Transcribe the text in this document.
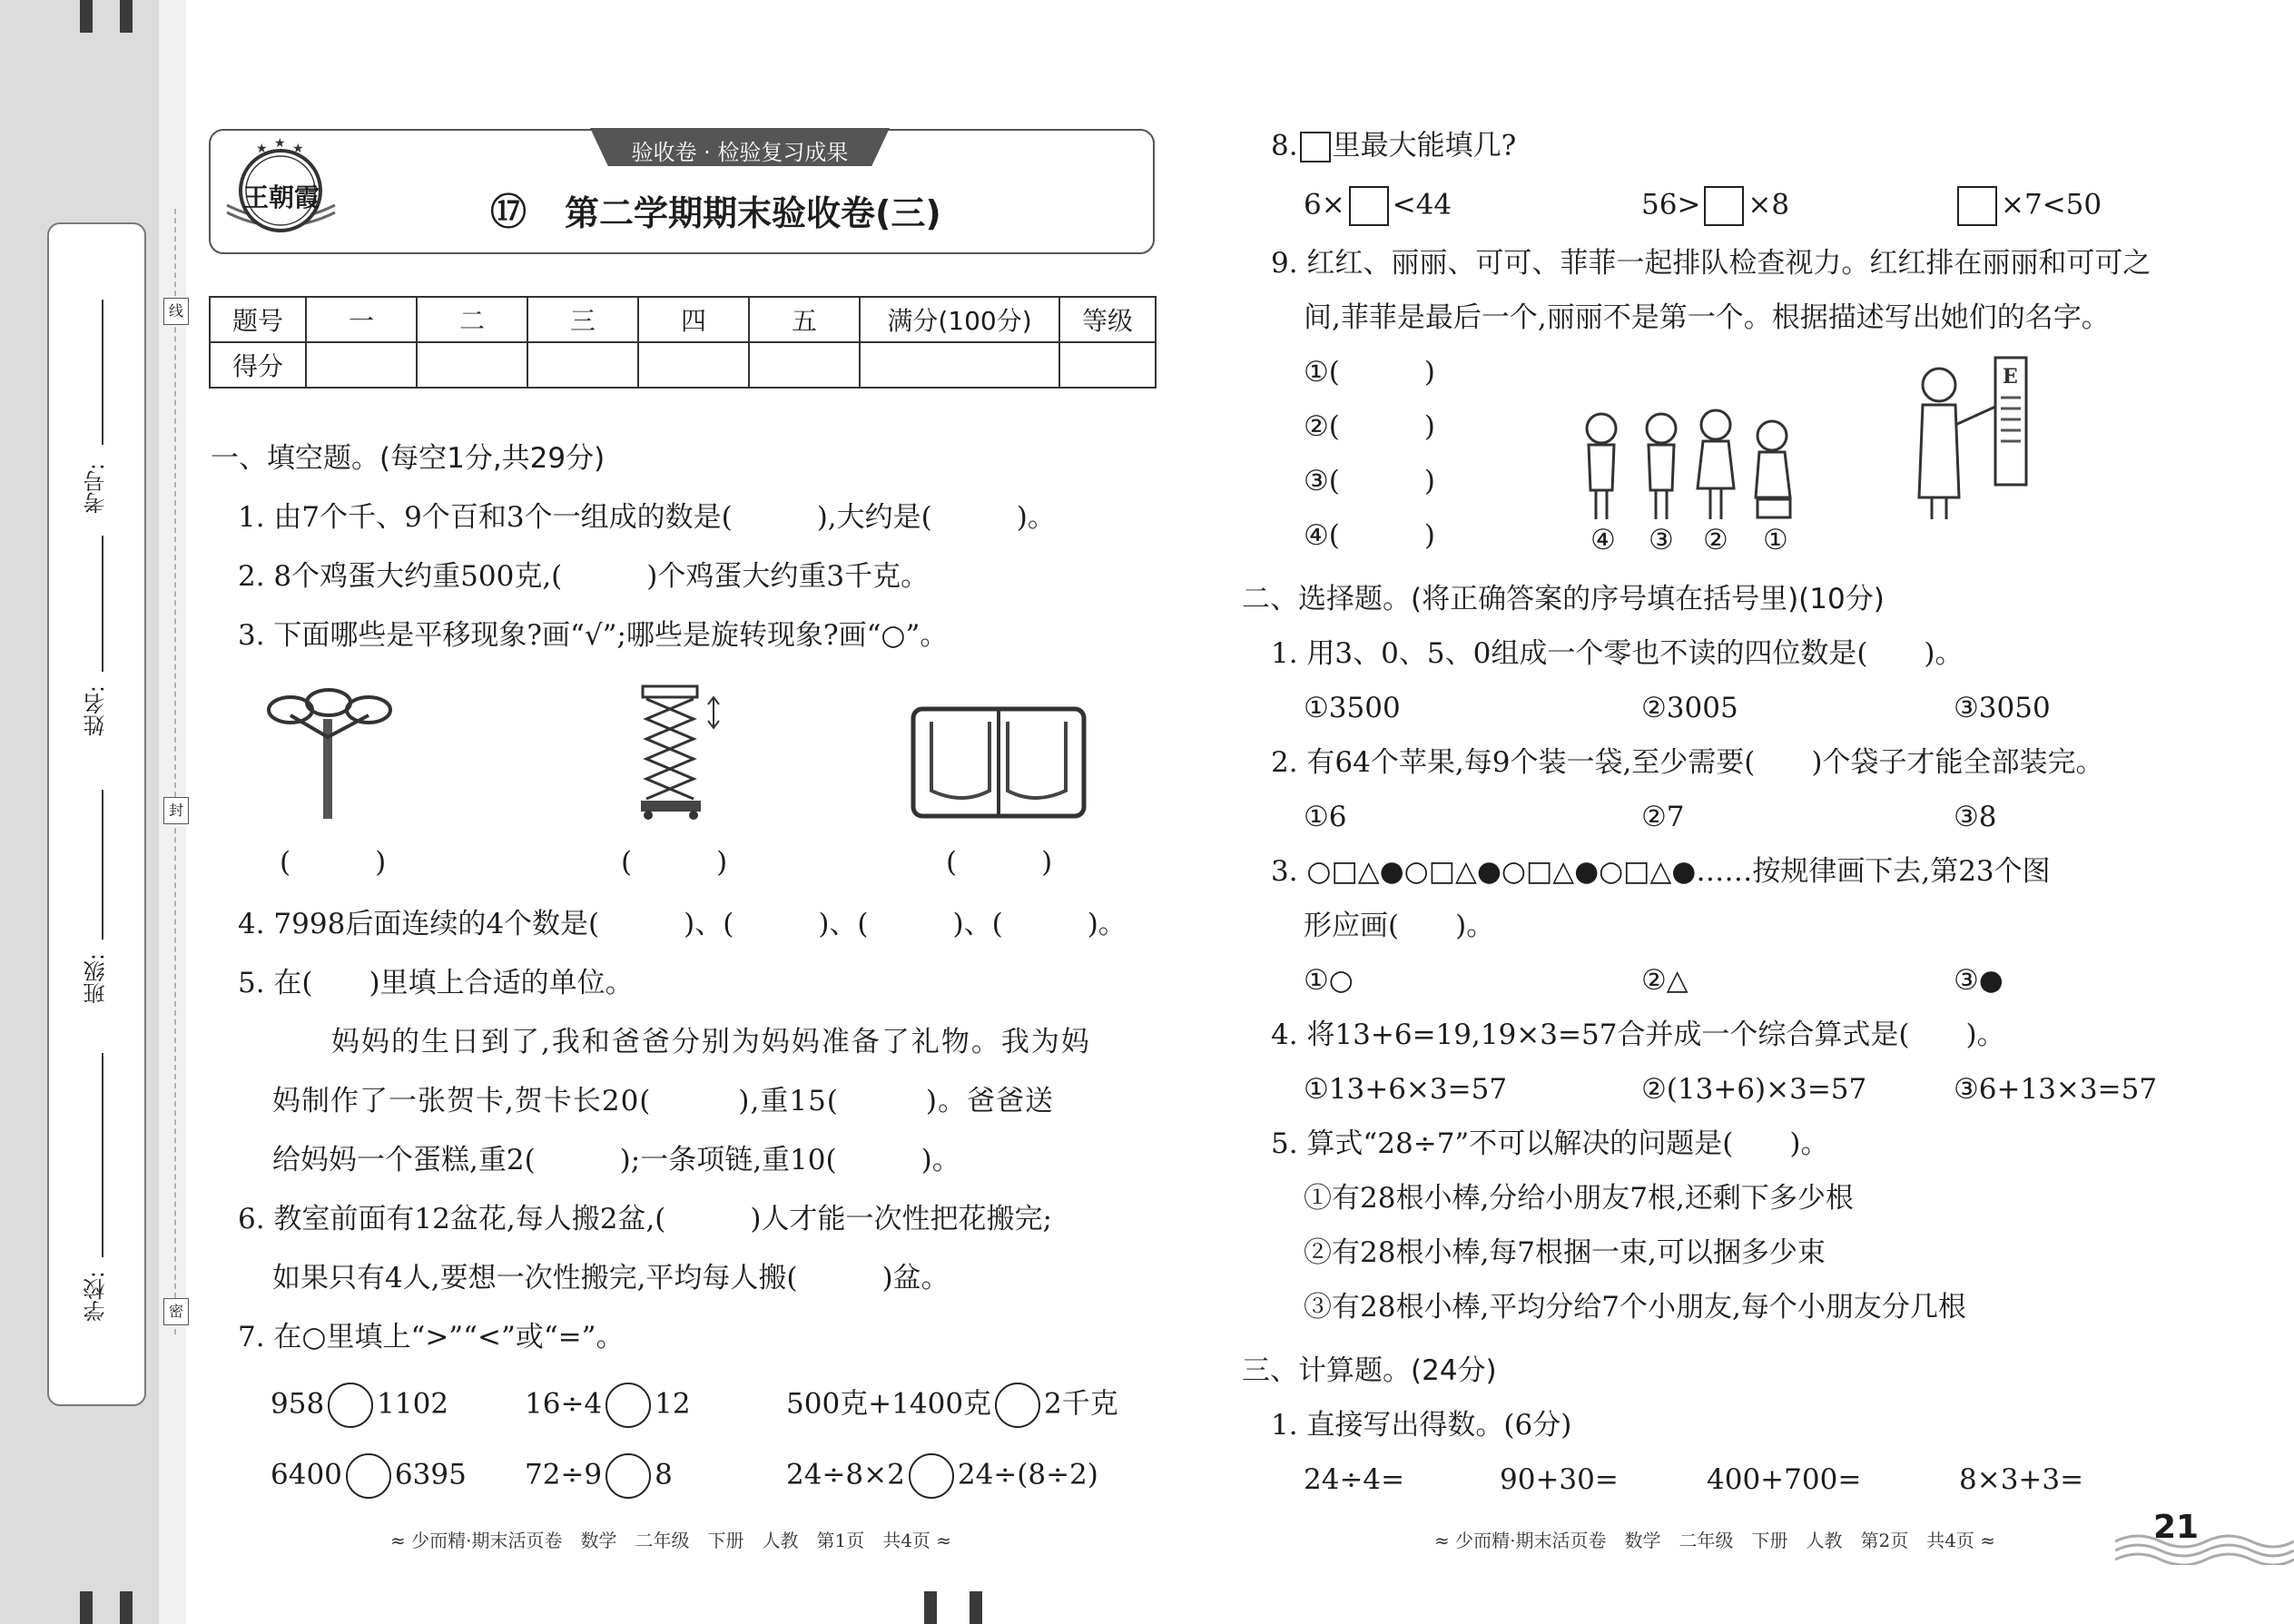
考号:
姓名:
班级:
学校:
线
封
密
验收卷 · 检验复习成果
★ ★ ★
王朝霞	⑰ 第二学期期末验收卷(三)
题号	一	二	三	四	五	满分(100分)	等级
得分							
一、填空题。(每空1分,共29分)
1. 由7个千、9个百和3个一组成的数是(　　　),大约是(　　　)。
2. 8个鸡蛋大约重500克,(　　　)个鸡蛋大约重3千克。
3. 下面哪些是平移现象?画“√”;哪些是旋转现象?画“○”。
(　　　)	(　　　)	(　　　)
4. 7998后面连续的4个数是(　　　)、(　　　)、(　　　)、(　　　)。
5. 在(　　)里填上合适的单位。
妈妈的生日到了,我和爸爸分别为妈妈准备了礼物。我为妈
妈制作了一张贺卡,贺卡长20(　　　),重15(　　　)。爸爸送
给妈妈一个蛋糕,重2(　　　);一条项链,重10(　　　)。
6. 教室前面有12盆花,每人搬2盆,(　　　)人才能一次性把花搬完;
如果只有4人,要想一次性搬完,平均每人搬(　　　)盆。
7. 在○里填上“>”“<”或“=”。
958 1102	16÷4 12	500克+1400克 2千克
6400 6395 72÷9 8	24÷8×2 24÷(8÷2)
≈ 少而精·期末活页卷　数学　二年级　下册　人教　第1页　共4页 ≈
8. 里最大能填几?
6× <44	56> ×8	×7<50
9. 红红、丽丽、可可、菲菲一起排队检查视力。红红排在丽丽和可可之
间,菲菲是最后一个,丽丽不是第一个。根据描述写出她们的名字。
①(　　　)
②(　　　)
③(　　　)
④(　　　)	④ ③ ② ①
E
二、选择题。(将正确答案的序号填在括号里)(10分)
1. 用3、0、5、0组成一个零也不读的四位数是(　　)。
①3500	②3005	③3050
2. 有64个苹果,每9个装一袋,至少需要(　　)个袋子才能全部装完。
①6	②7	③8
3. ○□△●○□△●○□△●○□△●……按规律画下去,第23个图
形应画(　　)。
①○	②△	③●
4. 将13+6=19,19×3=57合并成一个综合算式是(　　)。
①13+6×3=57	②(13+6)×3=57	③6+13×3=57
5. 算式“28÷7”不可以解决的问题是(　　)。
①有28根小棒,分给小朋友7根,还剩下多少根
②有28根小棒,每7根捆一束,可以捆多少束
③有28根小棒,平均分给7个小朋友,每个小朋友分几根
三、计算题。(24分)
1. 直接写出得数。(6分)
24÷4=	90+30=	400+700=	8×3+3=
≈ 少而精·期末活页卷　数学　二年级　下册　人教　第2页　共4页 ≈	21
